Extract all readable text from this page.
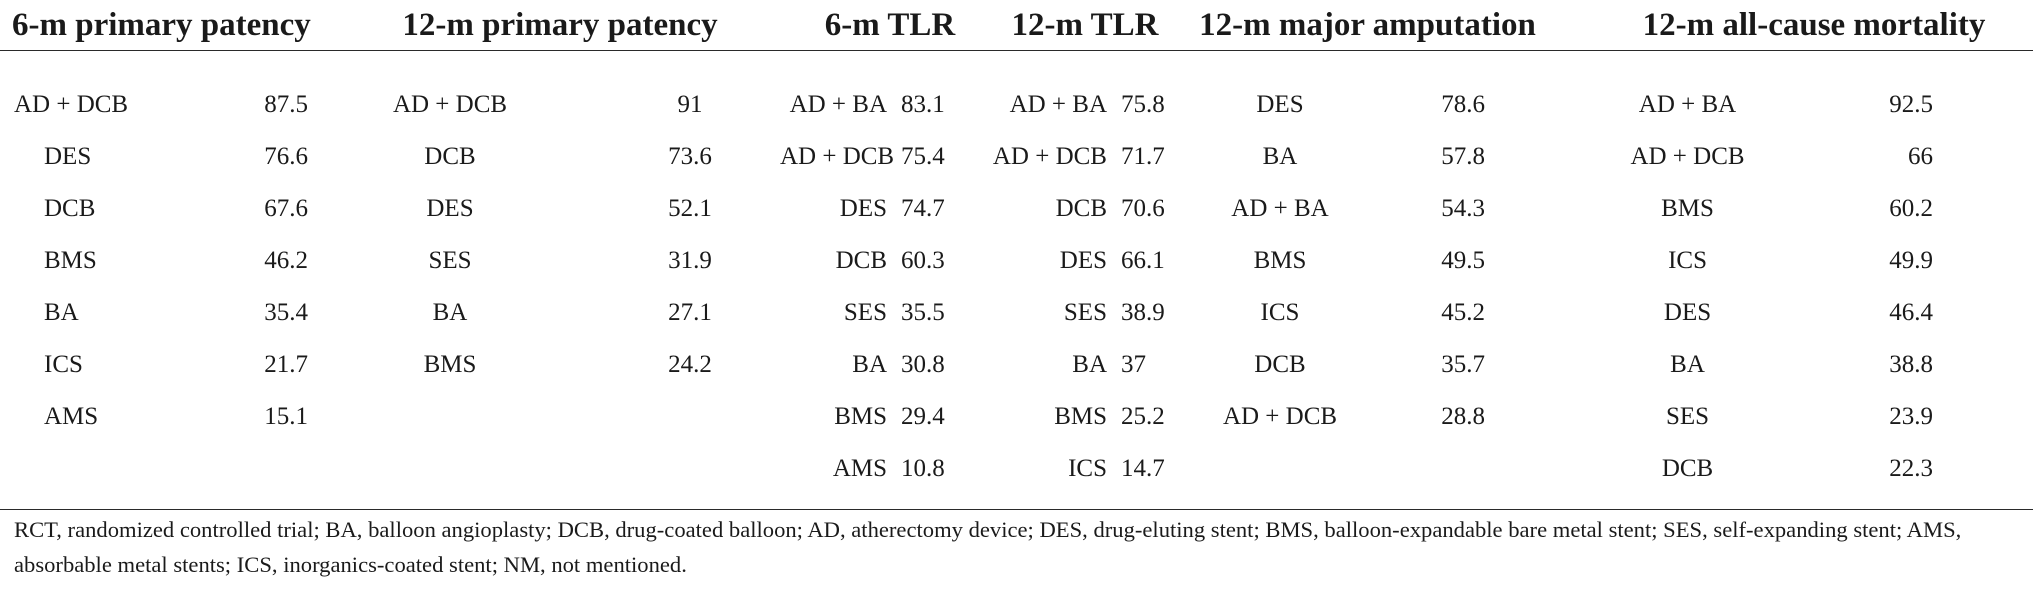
6-m primary patency		12-m primary patency		6-m TLR		12-m TLR		12-m major amputation		12-m all-cause mortality	
AD + DCB	87.5	AD + DCB	91	AD + BA	83.1	AD + BA	75.8	DES	78.6	AD + BA	92.5
DES	76.6	DCB	73.6	AD + DCB	75.4	AD + DCB	71.7	BA	57.8	AD + DCB	66
DCB	67.6	DES	52.1	DES	74.7	DCB	70.6	AD + BA	54.3	BMS	60.2
BMS	46.2	SES	31.9	DCB	60.3	DES	66.1	BMS	49.5	ICS	49.9
BA	35.4	BA	27.1	SES	35.5	SES	38.9	ICS	45.2	DES	46.4
ICS	21.7	BMS	24.2	BA	30.8	BA	37	DCB	35.7	BA	38.8
AMS	15.1			BMS	29.4	BMS	25.2	AD + DCB	28.8	SES	23.9
				AMS	10.8	ICS	14.7			DCB	22.3
RCT, randomized controlled trial; BA, balloon angioplasty; DCB, drug-coated balloon; AD, atherectomy device; DES, drug-eluting stent; BMS, balloon-expandable bare metal stent; SES, self-expanding stent; AMS, absorbable metal stents; ICS, inorganics-coated stent; NM, not mentioned.
